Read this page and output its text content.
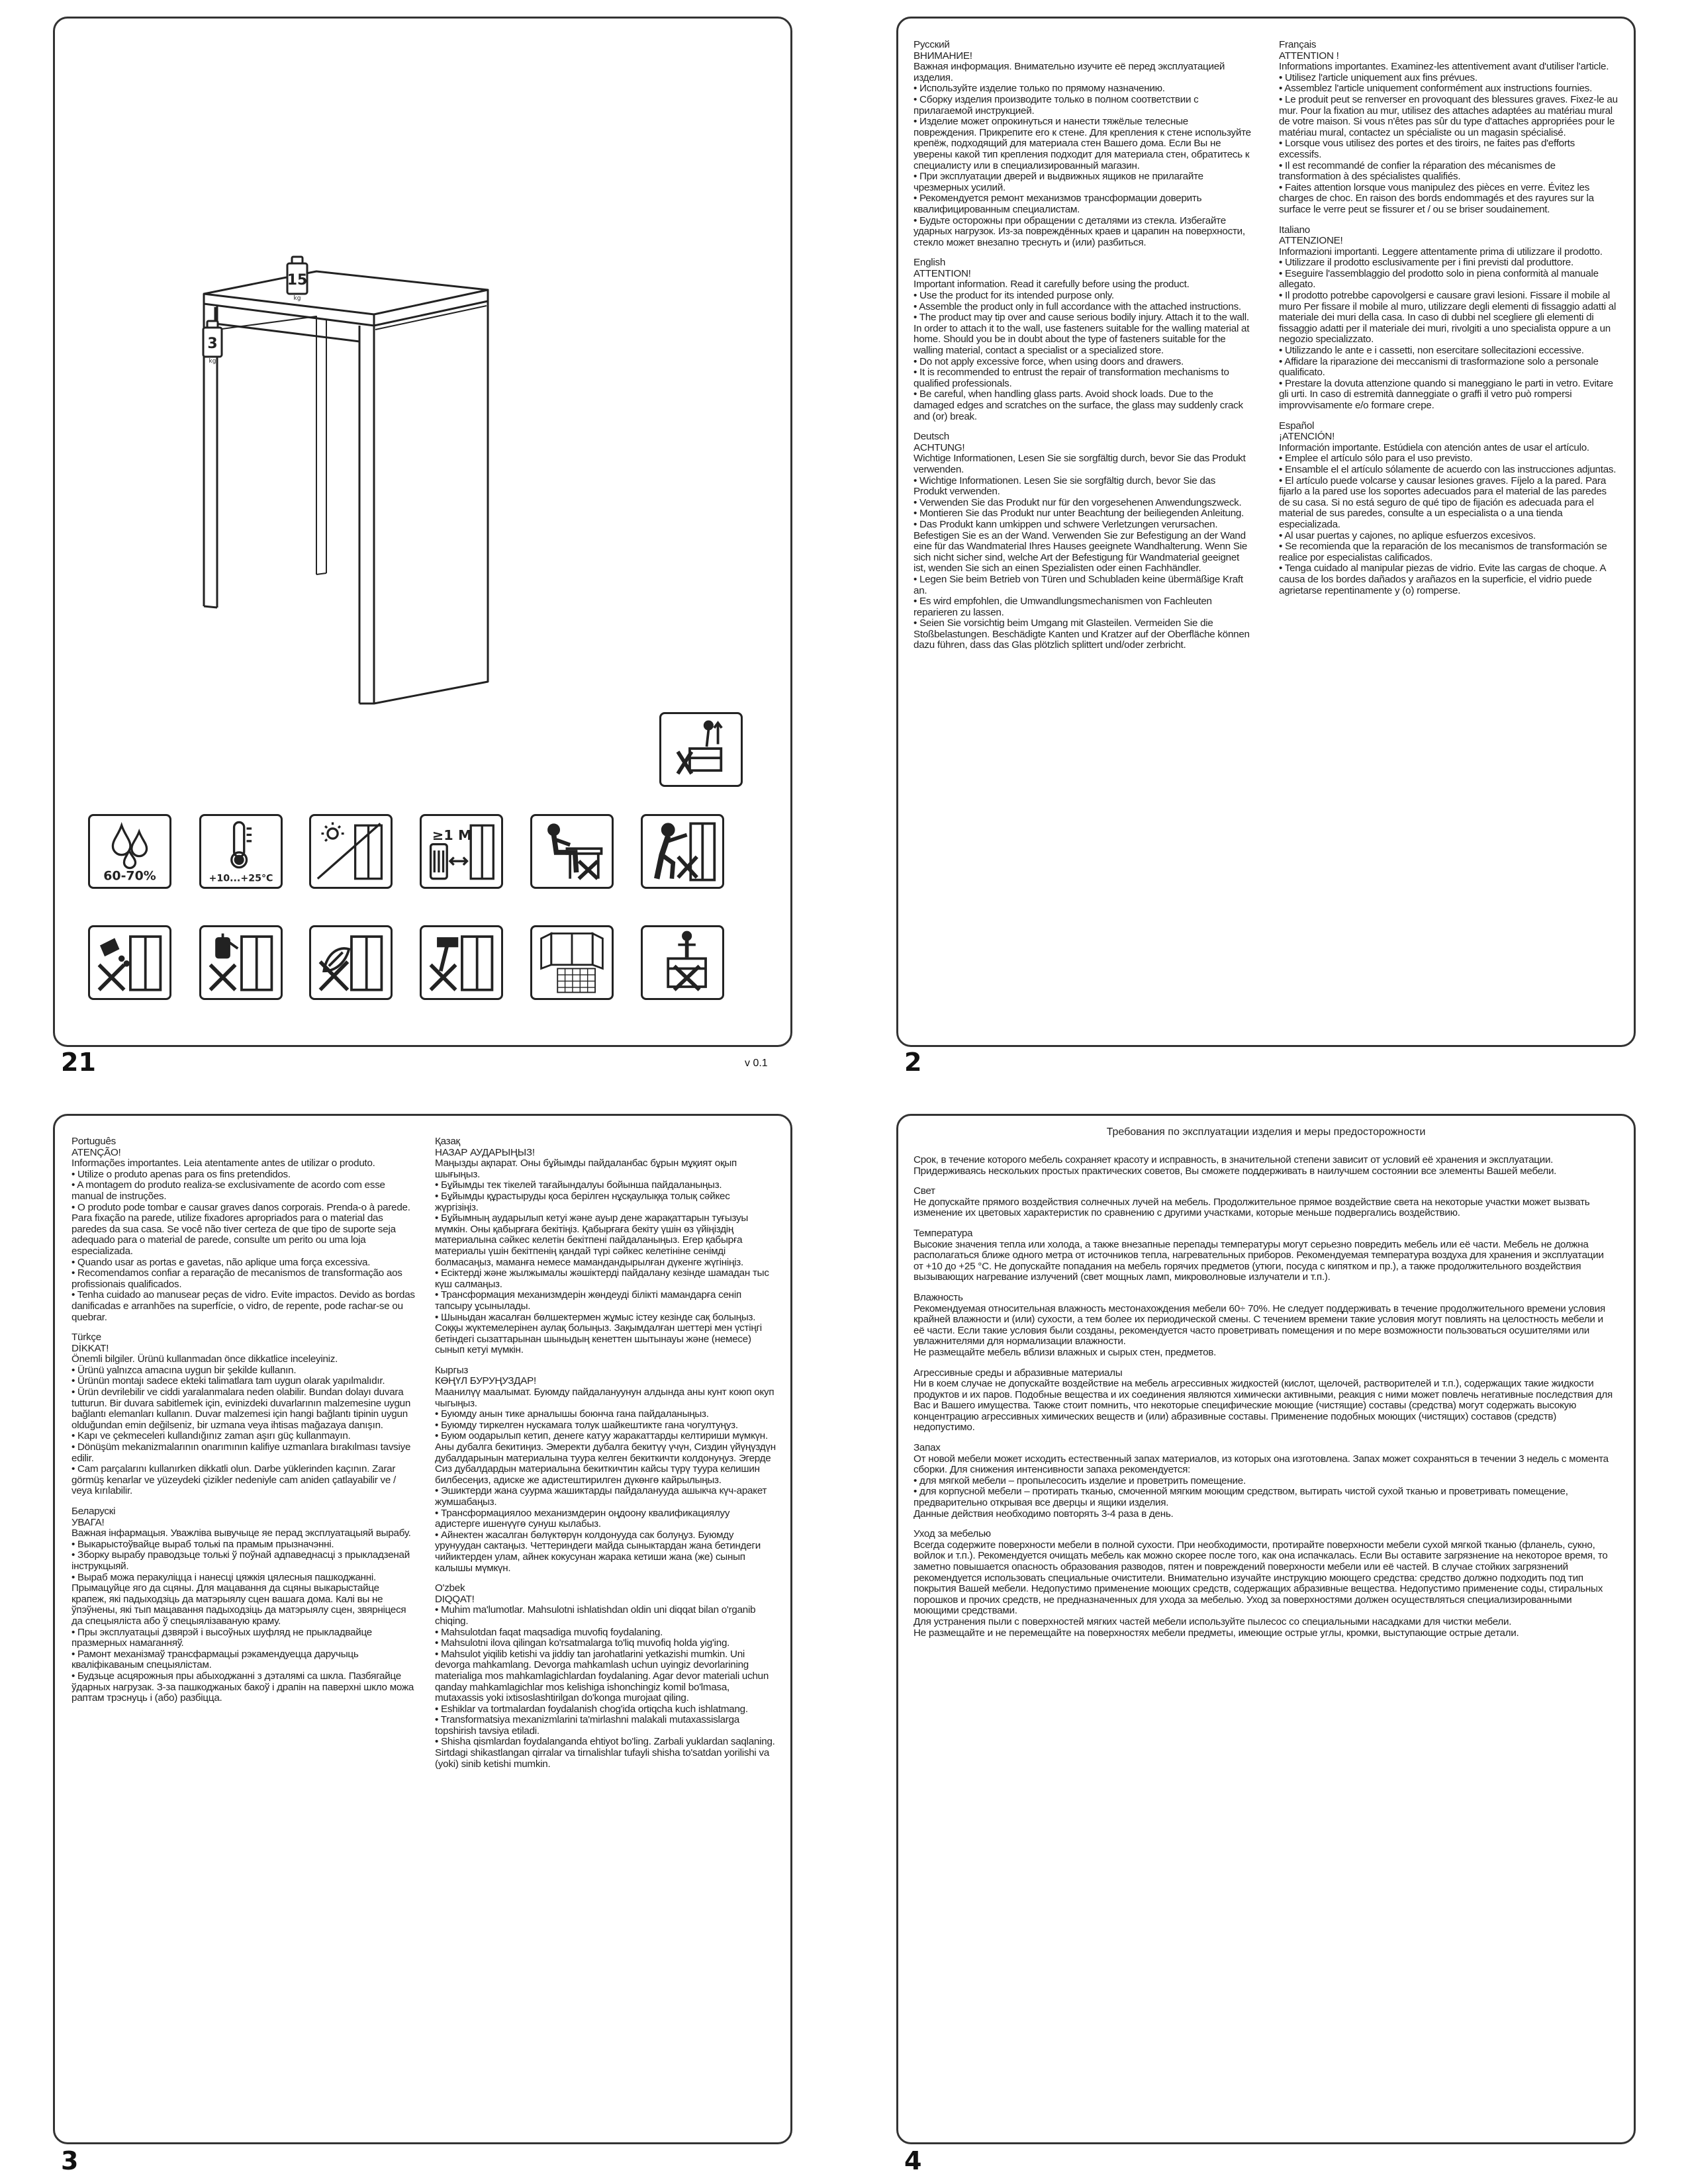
15
kg
3
kg
60-70%	+10...+25°C
≥1 M
21	v 0.1
Русский
ВНИМАНИЕ!
Важная информация. Внимательно изучите её перед эксплуатацией изделия.
• Используйте изделие только по прямому назначению.
• Сборку изделия производите только в полном соответствии с прилагаемой инструкцией.
• Изделие может опрокинуться и нанести тяжёлые телесные повреждения. Прикрепите его к стене. Для крепления к стене используйте крепёж, подходящий для материала стен Вашего дома. Если Вы не уверены какой тип крепления подходит для материала стен, обратитесь к специалисту или в специализированный магазин.
• При эксплуатации дверей и выдвижных ящиков не прилагайте чрезмерных усилий.
• Рекомендуется ремонт механизмов трансформации доверить квалифицированным специалистам.
• Будьте осторожны при обращении с деталями из стекла. Избегайте ударных нагрузок. Из-за повреждённых краев и царапин на поверхности, стекло может внезапно треснуть и (или) разбиться.
English
ATTENTION!
Important information. Read it carefully before using the product.
• Use the product for its intended purpose only.
• Assemble the product only in full accordance with the attached instructions.
• The product may tip over and cause serious bodily injury. Attach it to the wall. In order to attach it to the wall, use fasteners suitable for the walling material at home. Should you be in doubt about the type of fasteners suitable for the walling material, contact a specialist or a specialized store.
• Do not apply excessive force, when using doors and drawers.
• It is recommended to entrust the repair of transformation mechanisms to qualified professionals.
• Be careful, when handling glass parts. Avoid shock loads. Due to the damaged edges and scratches on the surface, the glass may suddenly crack and (or) break.
Deutsch
ACHTUNG!
Wichtige Informationen, Lesen Sie sie sorgfältig durch, bevor Sie das Produkt verwenden.
• Wichtige Informationen. Lesen Sie sie sorgfältig durch, bevor Sie das Produkt verwenden.
• Verwenden Sie das Produkt nur für den vorgesehenen Anwendungszweck.
• Montieren Sie das Produkt nur unter Beachtung der beiliegenden Anleitung.
• Das Produkt kann umkippen und schwere Verletzungen verursachen. Befestigen Sie es an der Wand. Verwenden Sie zur Befestigung an der Wand eine für das Wandmaterial Ihres Hauses geeignete Wandhalterung. Wenn Sie sich nicht sicher sind, welche Art der Befestigung für Wandmaterial geeignet ist, wenden Sie sich an einen Spezialisten oder einen Fachhändler.
• Legen Sie beim Betrieb von Türen und Schubladen keine übermäßige Kraft an.
• Es wird empfohlen, die Umwandlungsmechanismen von Fachleuten reparieren zu lassen.
• Seien Sie vorsichtig beim Umgang mit Glasteilen. Vermeiden Sie die Stoßbelastungen. Beschädigte Kanten und Kratzer auf der Oberfläche können dazu führen, dass das Glas plötzlich splittert und/oder zerbricht.
Français
ATTENTION !
Informations importantes. Examinez-les attentivement avant d'utiliser l'article.
• Utilisez l'article uniquement aux fins prévues.
• Assemblez l'article uniquement conformément aux instructions fournies.
• Le produit peut se renverser en provoquant des blessures graves. Fixez-le au mur. Pour la fixation au mur, utilisez des attaches adaptées au matériau mural de votre maison. Si vous n'êtes pas sûr du type d'attaches appropriées pour le matériau mural, contactez un spécialiste ou un magasin spécialisé.
• Lorsque vous utilisez des portes et des tiroirs, ne faites pas d'efforts excessifs.
• Il est recommandé de confier la réparation des mécanismes de transformation à des spécialistes qualifiés.
• Faites attention lorsque vous manipulez des pièces en verre. Évitez les charges de choc. En raison des bords endommagés et des rayures sur la surface le verre peut se fissurer et / ou se briser soudainement.
Italiano
ATTENZIONE!
Informazioni importanti. Leggere attentamente prima di utilizzare il prodotto.
• Utilizzare il prodotto esclusivamente per i fini previsti dal produttore.
• Eseguire l'assemblaggio del prodotto solo in piena conformità al manuale allegato.
• Il prodotto potrebbe capovolgersi e causare gravi lesioni. Fissare il mobile al muro Per fissare il mobile al muro, utilizzare degli elementi di fissaggio adatti al materiale dei muri della casa. In caso di dubbi nel scegliere gli elementi di fissaggio adatti per il materiale dei muri, rivolgiti a uno specialista oppure a un negozio specializzato.
• Utilizzando le ante e i cassetti, non esercitare sollecitazioni eccessive.
• Affidare la riparazione dei meccanismi di trasformazione solo a personale qualificato.
• Prestare la dovuta attenzione quando si maneggiano le parti in vetro. Evitare gli urti. In caso di estremità danneggiate o graffi il vetro può rompersi improvvisamente e/o formare crepe.
Español
¡ATENCIÓN!
Información importante. Estúdiela con atención antes de usar el artículo.
• Emplee el artículo sólo para el uso previsto.
• Ensamble el el artículo sólamente de acuerdo con las instrucciones adjuntas.
• El artículo puede volcarse y causar lesiones graves. Fíjelo a la pared. Para fijarlo a la pared use los soportes adecuados para el material de las paredes de su casa. Si no está seguro de qué tipo de fijación es adecuada para el material de sus paredes, consulte a un especialista o a una tienda especializada.
• Al usar puertas y cajones, no aplique esfuerzos excesivos.
• Se recomienda que la reparación de los mecanismos de transformación se realice por especialistas calificados.
• Tenga cuidado al manipular piezas de vidrio. Evite las cargas de choque. A causa de los bordes dañados y arañazos en la superficie, el vidrio puede agrietarse repentinamente y (o) romperse.
2
Português
ATENÇÃO!
Informações importantes. Leia atentamente antes de utilizar o produto.
• Utilize o produto apenas para os fins pretendidos.
• A montagem do produto realiza-se exclusivamente de acordo com esse manual de instruções.
• O produto pode tombar e causar graves danos corporais. Prenda-o à parede. Para fixação na parede, utilize fixadores apropriados para o material das paredes da sua casa. Se você não tiver certeza de que tipo de suporte seja adequado para o material de parede, consulte um perito ou uma loja especializada.
• Quando usar as portas e gavetas, não aplique uma força excessiva.
• Recomendamos confiar a reparação de mecanismos de transformação aos profissionais qualificados.
• Tenha cuidado ao manusear peças de vidro. Evite impactos. Devido as bordas danificadas e arranhões na superfície, o vidro, de repente, pode rachar-se ou quebrar.
Türkçe
DİKKAT!
Önemli bilgiler. Ürünü kullanmadan önce dikkatlice inceleyiniz.
• Ürünü yalnızca amacına uygun bir şekilde kullanın.
• Ürünün montajı sadece ekteki talimatlara tam uygun olarak yapılmalıdır.
• Ürün devrilebilir ve ciddi yaralanmalara neden olabilir. Bundan dolayı duvara tutturun. Bir duvara sabitlemek için, evinizdeki duvarlarının malzemesine uygun bağlantı elemanları kullanın. Duvar malzemesi için hangi bağlantı tipinin uygun olduğundan emin değilseniz, bir uzmana veya ihtisas mağazaya danışın.
• Kapı ve çekmeceleri kullandığınız zaman aşırı güç kullanmayın.
• Dönüşüm mekanizmalarının onarımının kalifiye uzmanlara bırakılması tavsiye edilir.
• Cam parçalarını kullanırken dikkatli olun. Darbe yüklerinden kaçının. Zarar görmüş kenarlar ve yüzeydeki çizikler nedeniyle cam aniden çatlayabilir ve / veya kırılabilir.
Беларускі
УВАГА!
Важная інфармацыя. Уважліва вывучыце яе перад эксплуатацыяй вырабу.
• Выкарыстоўвайце выраб толькі па прамым прызначэнні.
• Зборку вырабу праводзьце толькі ў поўнай адпаведнасці з прыкладзенай інструкцыяй.
• Выраб можа перакуліцца і нанесці цяжкія цялесныя пашкоджанні. Прымацуйце яго да сцяны. Для мацавання да сцяны выкарыстайце крапеж, які падыходзіць да матэрыялу сцен вашага дома. Калі вы не ўпэўнены, які тып мацавання падыходзіць да матэрыялу сцен, звярніцеся да спецыяліста або ў спецыялізаваную краму.
• Пры эксплуатацыі дзвярэй і высоўных шуфляд не прыкладвайце празмерных намаганняў.
• Рамонт механізмаў трансфармацыі рэкамендуецца даручыць кваліфікаваным спецыялістам.
• Будзьце асцярожныя пры абыходжанні з дэталямі са шкла. Пазбягайце ўдарных нагрузак. З-за пашкоджаных бакоў і драпін на паверхні шкло можа раптам трэснуць і (або) разбіцца.
Қазақ
НАЗАР АУДАРЫҢЫЗ!
Маңызды ақпарат. Оны бұйымды пайдаланбас бұрын мұқият оқып шығыңыз.
• Бұйымды тек тікелей тағайындалуы бойынша пайдаланыңыз.
• Бұйымды құрастыруды қоса берілген нұсқаулыққа толық сәйкес жүргізіңіз.
• Бұйымның аударылып кетуі және ауыр дене жарақаттарын туғызуы мүмкін. Оны қабырғаға бекітіңіз. Қабырғаға бекіту үшін өз үйіңіздің материалына сәйкес келетін бекітпені пайдаланыңыз. Егер қабырға материалы үшін бекітпенің қандай түрі сәйкес келетініне сенімді болмасаңыз, маманға немесе мамандандырылған дүкенге жүгініңіз.
• Есіктерді және жылжымалы жәшіктерді пайдалану кезінде шамадан тыс күш салмаңыз.
• Трансформация механизмдерін жөндеуді білікті мамандарға сеніп тапсыру ұсынылады.
• Шыныдан жасалған бөлшектермен жұмыс істеу кезінде сақ болыңыз. Соққы жүктемелерінен аулақ болыңыз. Зақымдалған шеттері мен үстіңгі бетіндегі сызаттарынан шыныдың кенеттен шытынауы және (немесе) сынып кетуі мүмкін.
Кыргыз
КӨҢҮЛ БУРУҢУЗДАР!
Маанилүү маалымат. Буюмду пайдалануунун алдында аны кунт коюп окуп чыгыңыз.
• Буюмду анын тике арналышы боюнча гана пайдаланыңыз.
• Буюмду тиркелген нускамага толук шайкештикте гана чогултуңуз.
• Буюм оодарылып кетип, денеге катуу жаракаттарды келтириши мүмкүн. Аны дубалга бекитиңиз. Эмеректи дубалга бекитүү үчүн, Сиздин үйүңүздүн дубалдарынын материалына туура келген бекиткичти колдонуңуз. Эгерде Сиз дубалдардын материалына бекиткичтин кайсы түрү туура келишин билбесеңиз, адиске же адистештирилген дүкөнгө кайрылыңыз.
• Эшиктерди жана суурма жашиктарды пайдаланууда ашыкча күч-аракет жумшабаңыз.
• Трансформациялоо механизмдерин оңдоону квалификациялуу адистерге ишенүүгө сунуш кылабыз.
• Айнектен жасалган бөлүктөрүн колдонууда сак болуңуз. Буюмду урунуудан сактаңыз. Четтериндеги майда сыныктардан жана бетиндеги чийиктерден улам, айнек кокусунан жарака кетиши жана (же) сынып калышы мүмкүн.
O'zbek
DIQQAT!
• Muhim ma'lumotlar. Mahsulotni ishlatishdan oldin uni diqqat bilan o'rganib chiqing.
• Mahsulotdan faqat maqsadiga muvofiq foydalaning.
• Mahsulotni ilova qilingan ko'rsatmalarga to'liq muvofiq holda yig'ing.
• Mahsulot yiqilib ketishi va jiddiy tan jarohatlarini yetkazishi mumkin. Uni devorga mahkamlang. Devorga mahkamlash uchun uyingiz devorlarining materialiga mos mahkamlagichlardan foydalaning. Agar devor materiali uchun qanday mahkamlagichlar mos kelishiga ishonchingiz komil bo'lmasa, mutaxassis yoki ixtisoslashtirilgan do'konga murojaat qiling.
• Eshiklar va tortmalardan foydalanish chog'ida ortiqcha kuch ishlatmang.
• Transformatsiya mexanizmlarini ta'mirlashni malakali mutaxassislarga topshirish tavsiya etiladi.
• Shisha qismlardan foydalanganda ehtiyot bo'ling. Zarbali yuklardan saqlaning. Sirtdagi shikastlangan qirralar va tirnalishlar tufayli shisha to'satdan yorilishi va (yoki) sinib ketishi mumkin.
3
Требования по эксплуатации изделия и меры предосторожности
Срок, в течение которого мебель сохраняет красоту и исправность, в значительной степени зависит от условий её хранения и эксплуатации. Придерживаясь нескольких простых практических советов, Вы сможете поддерживать в наилучшем состоянии все элементы Вашей мебели.
Свет
Не допускайте прямого воздействия солнечных лучей на мебель. Продолжительное прямое воздействие света на некоторые участки может вызвать изменение их цветовых характеристик по сравнению с другими участками, которые меньше подвергались воздействию.
Температура
Высокие значения тепла или холода, а также внезапные перепады температуры могут серьезно повредить мебель или её части. Мебель не должна располагаться ближе одного метра от источников тепла, нагревательных приборов. Рекомендуемая температура воздуха для хранения и эксплуатации от +10 до +25 °С. Не допускайте попадания на мебель горячих предметов (утюги, посуда с кипятком и пр.), а также продолжительного воздействия вызывающих нагревание излучений (свет мощных ламп, микроволновые излучатели и т.п.).
Влажность
Рекомендуемая относительная влажность местонахождения мебели 60÷ 70%. Не следует поддерживать в течение продолжительного времени условия крайней влажности и (или) сухости, а тем более их периодической смены. С течением времени такие условия могут повлиять на целостность мебели и её части. Если такие условия были созданы, рекомендуется часто проветривать помещения и по мере возможности пользоваться осушителями или увлажнителями для нормализации влажности.
Не размещайте мебель вблизи влажных и сырых стен, предметов.
Агрессивные среды и абразивные материалы
Ни в коем случае не допускайте воздействие на мебель агрессивных жидкостей (кислот, щелочей, растворителей и т.п.), содержащих такие жидкости продуктов и их паров. Подобные вещества и их соединения являются химически активными, реакция с ними может повлечь негативные последствия для Вас и Вашего имущества. Также стоит помнить, что некоторые специфические моющие (чистящие) составы (средства) могут содержать высокую концентрацию агрессивных химических веществ и (или) абразивные составы. Применение подобных моющих (чистящих) составов (средств) недопустимо.
Запах
От новой мебели может исходить естественный запах материалов, из которых она изготовлена. Запах может сохраняться в течении 3 недель с момента сборки. Для снижения интенсивности запаха рекомендуется:
• для мягкой мебели – пропылесосить изделие и проветрить помещение.
• для корпусной мебели – протирать тканью, смоченной мягким моющим средством, вытирать чистой сухой тканью и проветривать помещение, предварительно открывая все дверцы и ящики изделия.
Данные действия необходимо повторять 3-4 раза в день.
Уход за мебелью
Всегда содержите поверхности мебели в полной сухости. При необходимости, протирайте поверхности мебели сухой мягкой тканью (фланель, сукно, войлок и т.п.). Рекомендуется очищать мебель как можно скорее после того, как она испачкалась. Если Вы оставите загрязнение на некоторое время, то заметно повышается опасность образования разводов, пятен и повреждений поверхности мебели или её частей. В случае стойких загрязнений рекомендуется использовать специальные очистители. Внимательно изучайте инструкцию моющего средства: средство должно подходить под тип покрытия Вашей мебели. Недопустимо применение моющих средств, содержащих абразивные вещества. Недопустимо применение соды, стиральных порошков и прочих средств, не предназначенных для ухода за мебелью. Уход за поверхностями должен осуществляться специализированными моющими средствами.
Для устранения пыли с поверхностей мягких частей мебели используйте пылесос со специальными насадками для чистки мебели.
Не размещайте и не перемещайте на поверхностях мебели предметы, имеющие острые углы, кромки, выступающие острые детали.
4
